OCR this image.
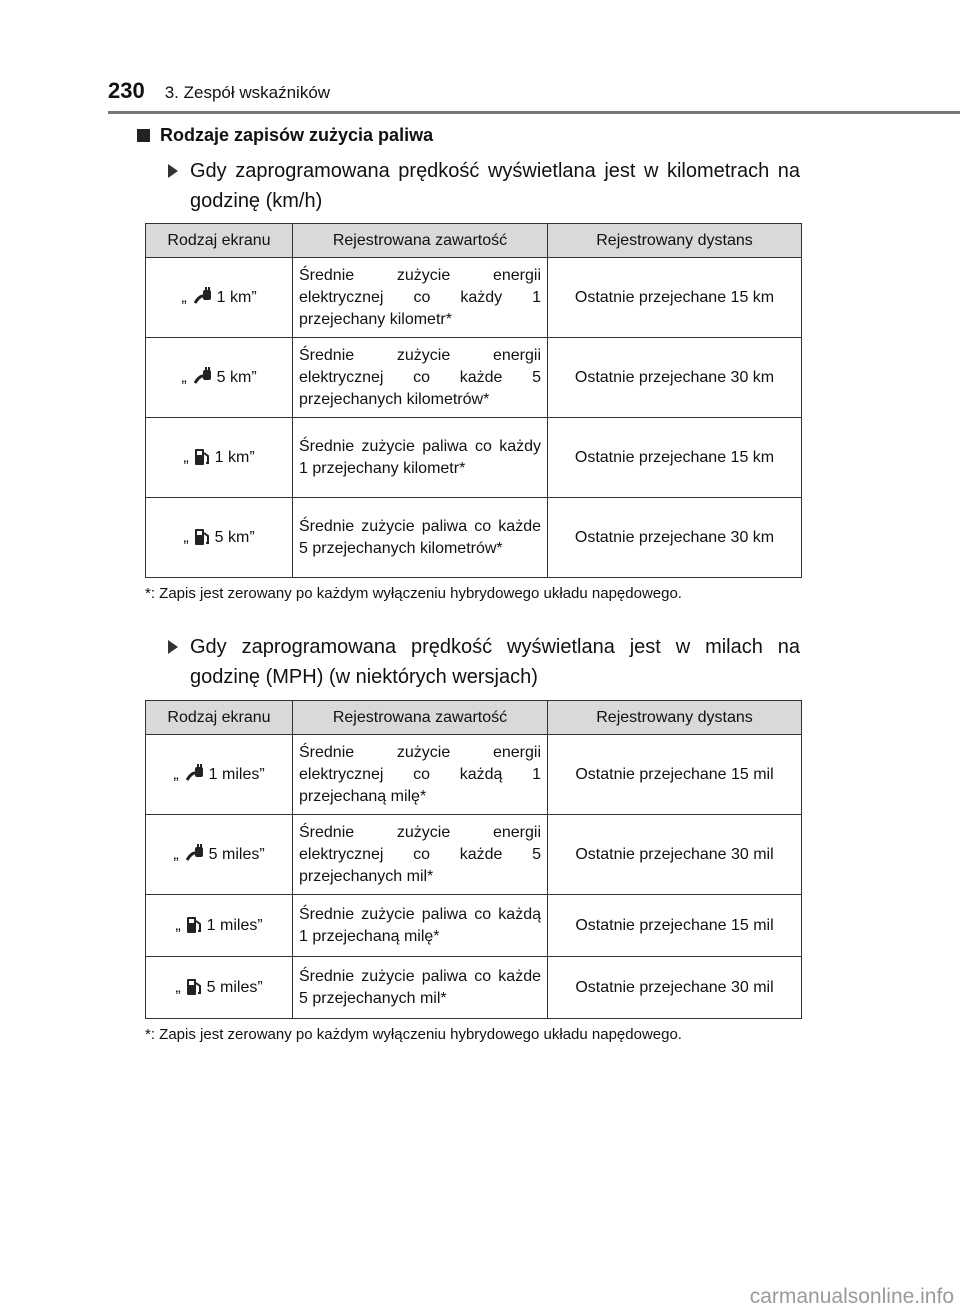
230 3. Zespół wskaźników
Rodzaje zapisów zużycia paliwa
Gdy zaprogramowana prędkość wyświetlana jest w kilometrach na godzinę (km/h)
Rodzaj ekranu	Rejestrowana zawartość	Rejestrowany dystans
„ 1 km”	Średnie zużycie energii elektrycznej co każdy 1 przejechany kilometr*	Ostatnie przejechane 15 km
„ 5 km”	Średnie zużycie energii elektrycznej co każde 5 przejechanych kilometrów*	Ostatnie przejechane 30 km
„ 1 km”	Średnie zużycie paliwa co każdy 1 przejechany kilometr*	Ostatnie przejechane 15 km
„ 5 km”	Średnie zużycie paliwa co każde 5 przejechanych kilometrów*	Ostatnie przejechane 30 km
*: Zapis jest zerowany po każdym wyłączeniu hybrydowego układu napędowego.
Gdy zaprogramowana prędkość wyświetlana jest w milach na godzinę (MPH) (w niektórych wersjach)
Rodzaj ekranu	Rejestrowana zawartość	Rejestrowany dystans
„ 1 miles”	Średnie zużycie energii elektrycznej co każdą 1 przejechaną milę*	Ostatnie przejechane 15 mil
„ 5 miles”	Średnie zużycie energii elektrycznej co każde 5 przejechanych mil*	Ostatnie przejechane 30 mil
„ 1 miles”	Średnie zużycie paliwa co każdą 1 przejechaną milę*	Ostatnie przejechane 15 mil
„ 5 miles”	Średnie zużycie paliwa co każde 5 przejechanych mil*	Ostatnie przejechane 30 mil
*: Zapis jest zerowany po każdym wyłączeniu hybrydowego układu napędowego.
carmanualsonline.info
